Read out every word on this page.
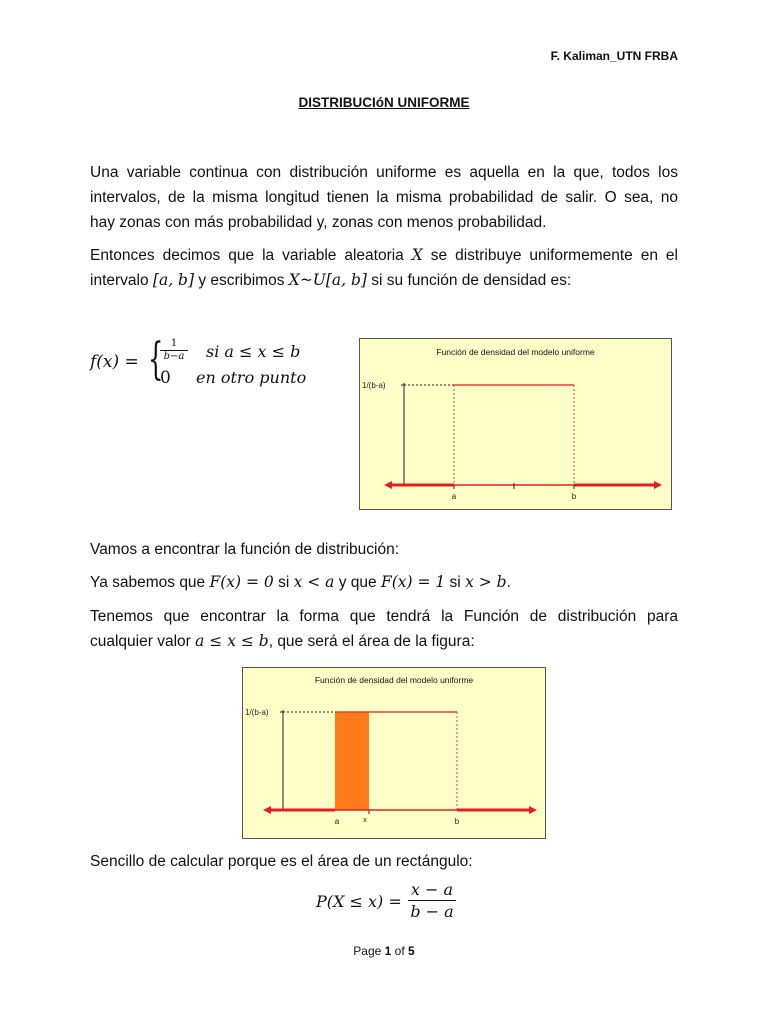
F. Kaliman_UTN FRBA
DISTRIBUCIóN UNIFORME
Una variable continua con distribución uniforme es aquella en la que, todos los
intervalos, de la misma longitud tienen la misma probabilidad de salir. O sea, no
hay zonas con más probabilidad y, zonas con menos probabilidad.
Entonces decimos que la variable aleatoria X se distribuye uniformemente en el
intervalo [a, b] y escribimos X~U[a, b] si su función de densidad es:
f(x) = {
$\frac{1}{b-a}$ si a ≤ x ≤ b
0 en otro punto
Función de densidad del modelo uniforme
1/(b-a)
a	b
Vamos a encontrar la función de distribución:
Ya sabemos que F(x) = 0 si x < a y que F(x) = 1 si x > b.
Tenemos que encontrar la forma que tendrá la Función de distribución para
cualquier valor a ≤ x ≤ b, que será el área de la figura:
Función de densidad del modelo uniforme
1/(b-a)
a	x	b
Sencillo de calcular porque es el área de un rectángulo:
$P(X \le x) = \frac{x - a}{b - a}$
Page 1 of 5
